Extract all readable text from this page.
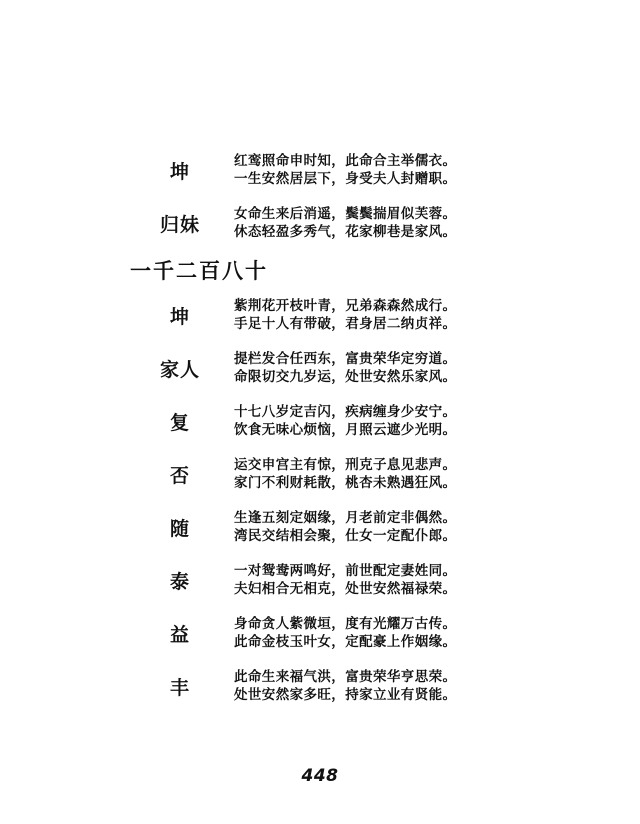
坤	红鸾照命申时知，此命合主举儒衣。
一生安然居层下，身受夫人封赠职。
归妹	女命生来后消遥，鬓鬓揣眉似芙蓉。
休态轻盈多秀气，花家柳巷是家风。
一千二百八十
坤	紫荆花开枝叶青，兄弟森森然成行。
手足十人有带破，君身居二纳贞祥。
家人	提栏发合任西东，富贵荣华定穷道。
命限切交九岁运，处世安然乐家风。
复	十七八岁定吉闪，疾病缠身少安宁。
饮食无味心烦恼，月照云遮少光明。
否	运交申宫主有惊，刑克子息见悲声。
家门不利财耗散，桃杏未熟遇狂风。
随	生逢五刻定姻缘，月老前定非偶然。
湾民交结相会聚，仕女一定配仆郎。
泰	一对鸳鸯两鸣好，前世配定妻姓同。
夫妇相合无相克，处世安然福禄荣。
益	身命贪人紫微垣，度有光耀万古传。
此命金枝玉叶女，定配豪上作姻缘。
丰	此命生来福气洪，富贵荣华亨思荣。
处世安然家多旺，持家立业有贤能。
448
